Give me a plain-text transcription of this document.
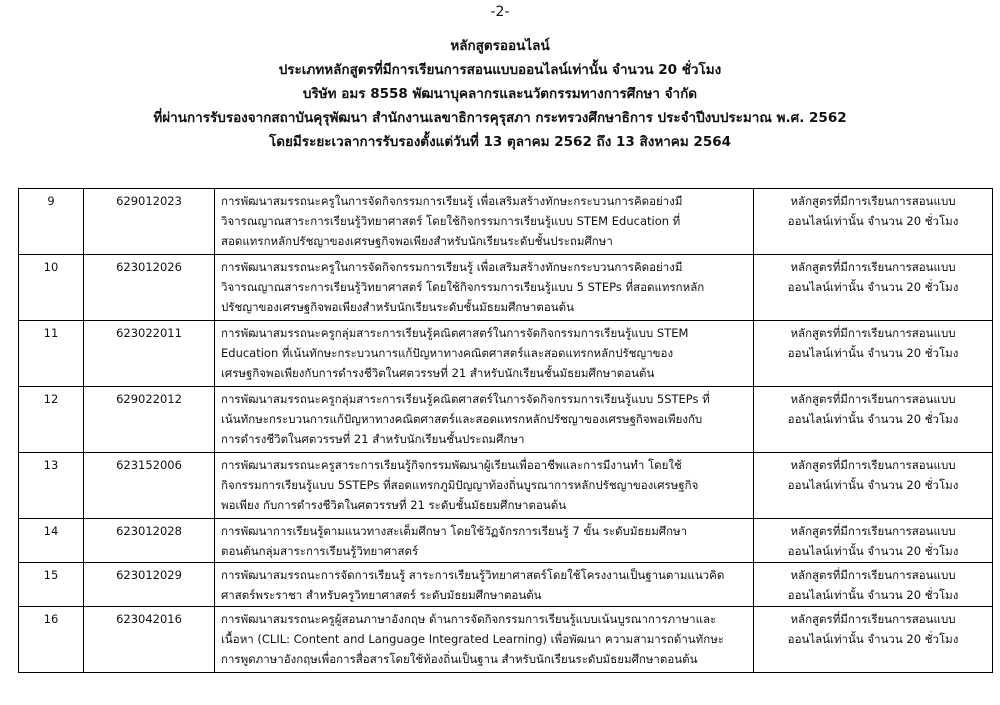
-2-
หลักสูตรออนไลน์
ประเภทหลักสูตรที่มีการเรียนการสอนแบบออนไลน์เท่านั้น จำนวน 20 ชั่วโมง
บริษัท อมร 8558 พัฒนาบุคลากรและนวัตกรรมทางการศึกษา จำกัด
ที่ผ่านการรับรองจากสถาบันคุรุพัฒนา สำนักงานเลขาธิการคุรุสภา กระทรวงศึกษาธิการ ประจำปีงบประมาณ พ.ศ. 2562
โดยมีระยะเวลาการรับรองตั้งแต่วันที่ 13 ตุลาคม 2562 ถึง 13 สิงหาคม 2564
9	629012023	การพัฒนาสมรรถนะครูในการจัดกิจกรรมการเรียนรู้ เพื่อเสริมสร้างทักษะกระบวนการคิดอย่างมี
วิจารณญาณสาระการเรียนรู้วิทยาศาสตร์ โดยใช้กิจกรรมการเรียนรู้แบบ STEM Education ที่
สอดแทรกหลักปรัชญาของเศรษฐกิจพอเพียงสำหรับนักเรียนระดับชั้นประถมศึกษา	หลักสูตรที่มีการเรียนการสอนแบบ
ออนไลน์เท่านั้น จำนวน 20 ชั่วโมง

10	623012026	การพัฒนาสมรรถนะครูในการจัดกิจกรรมการเรียนรู้ เพื่อเสริมสร้างทักษะกระบวนการคิดอย่างมี
วิจารณญาณสาระการเรียนรู้วิทยาศาสตร์ โดยใช้กิจกรรมการเรียนรู้แบบ 5 STEPs ที่สอดแทรกหลัก
ปรัชญาของเศรษฐกิจพอเพียงสำหรับนักเรียนระดับชั้นมัธยมศึกษาตอนต้น	หลักสูตรที่มีการเรียนการสอนแบบ
ออนไลน์เท่านั้น จำนวน 20 ชั่วโมง

11	623022011	การพัฒนาสมรรถนะครูกลุ่มสาระการเรียนรู้คณิตศาสตร์ในการจัดกิจกรรมการเรียนรู้แบบ STEM
Education ที่เน้นทักษะกระบวนการแก้ปัญหาทางคณิตศาสตร์และสอดแทรกหลักปรัชญาของ
เศรษฐกิจพอเพียงกับการดำรงชีวิตในศตวรรษที่ 21 สำหรับนักเรียนชั้นมัธยมศึกษาตอนต้น	หลักสูตรที่มีการเรียนการสอนแบบ
ออนไลน์เท่านั้น จำนวน 20 ชั่วโมง

12	629022012	การพัฒนาสมรรถนะครูกลุ่มสาระการเรียนรู้คณิตศาสตร์ในการจัดกิจกรรมการเรียนรู้แบบ 5STEPs ที่
เน้นทักษะกระบวนการแก้ปัญหาทางคณิตศาสตร์และสอดแทรกหลักปรัชญาของเศรษฐกิจพอเพียงกับ
การดำรงชีวิตในศตวรรษที่ 21 สำหรับนักเรียนชั้นประถมศึกษา	หลักสูตรที่มีการเรียนการสอนแบบ
ออนไลน์เท่านั้น จำนวน 20 ชั่วโมง

13	623152006	การพัฒนาสมรรถนะครูสาระการเรียนรู้กิจกรรมพัฒนาผู้เรียนเพื่ออาชีพและการมีงานทำ โดยใช้
กิจกรรมการเรียนรู้แบบ 5STEPs ที่สอดแทรกภูมิปัญญาท้องถิ่นบูรณาการหลักปรัชญาของเศรษฐกิจ
พอเพียง กับการดำรงชีวิตในศตวรรษที่ 21 ระดับชั้นมัธยมศึกษาตอนต้น	หลักสูตรที่มีการเรียนการสอนแบบ
ออนไลน์เท่านั้น จำนวน 20 ชั่วโมง

14	623012028	การพัฒนาการเรียนรู้ตามแนวทางสะเต็มศึกษา โดยใช้วัฏจักรการเรียนรู้ 7 ขั้น ระดับมัธยมศึกษา
ตอนต้นกลุ่มสาระการเรียนรู้วิทยาศาสตร์	หลักสูตรที่มีการเรียนการสอนแบบ
ออนไลน์เท่านั้น จำนวน 20 ชั่วโมง

15	623012029	การพัฒนาสมรรถนะการจัดการเรียนรู้ สาระการเรียนรู้วิทยาศาสตร์โดยใช้โครงงานเป็นฐานตามแนวคิด
ศาสตร์พระราชา สำหรับครูวิทยาศาสตร์ ระดับมัธยมศึกษาตอนต้น	หลักสูตรที่มีการเรียนการสอนแบบ
ออนไลน์เท่านั้น จำนวน 20 ชั่วโมง

16	623042016	การพัฒนาสมรรถนะครูผู้สอนภาษาอังกฤษ ด้านการจัดกิจกรรมการเรียนรู้แบบเน้นบูรณาการภาษาและ
เนื้อหา (CLIL: Content and Language Integrated Learning) เพื่อพัฒนา ความสามารถด้านทักษะ
การพูดภาษาอังกฤษเพื่อการสื่อสารโดยใช้ท้องถิ่นเป็นฐาน สำหรับนักเรียนระดับมัธยมศึกษาตอนต้น	หลักสูตรที่มีการเรียนการสอนแบบ
ออนไลน์เท่านั้น จำนวน 20 ชั่วโมง
